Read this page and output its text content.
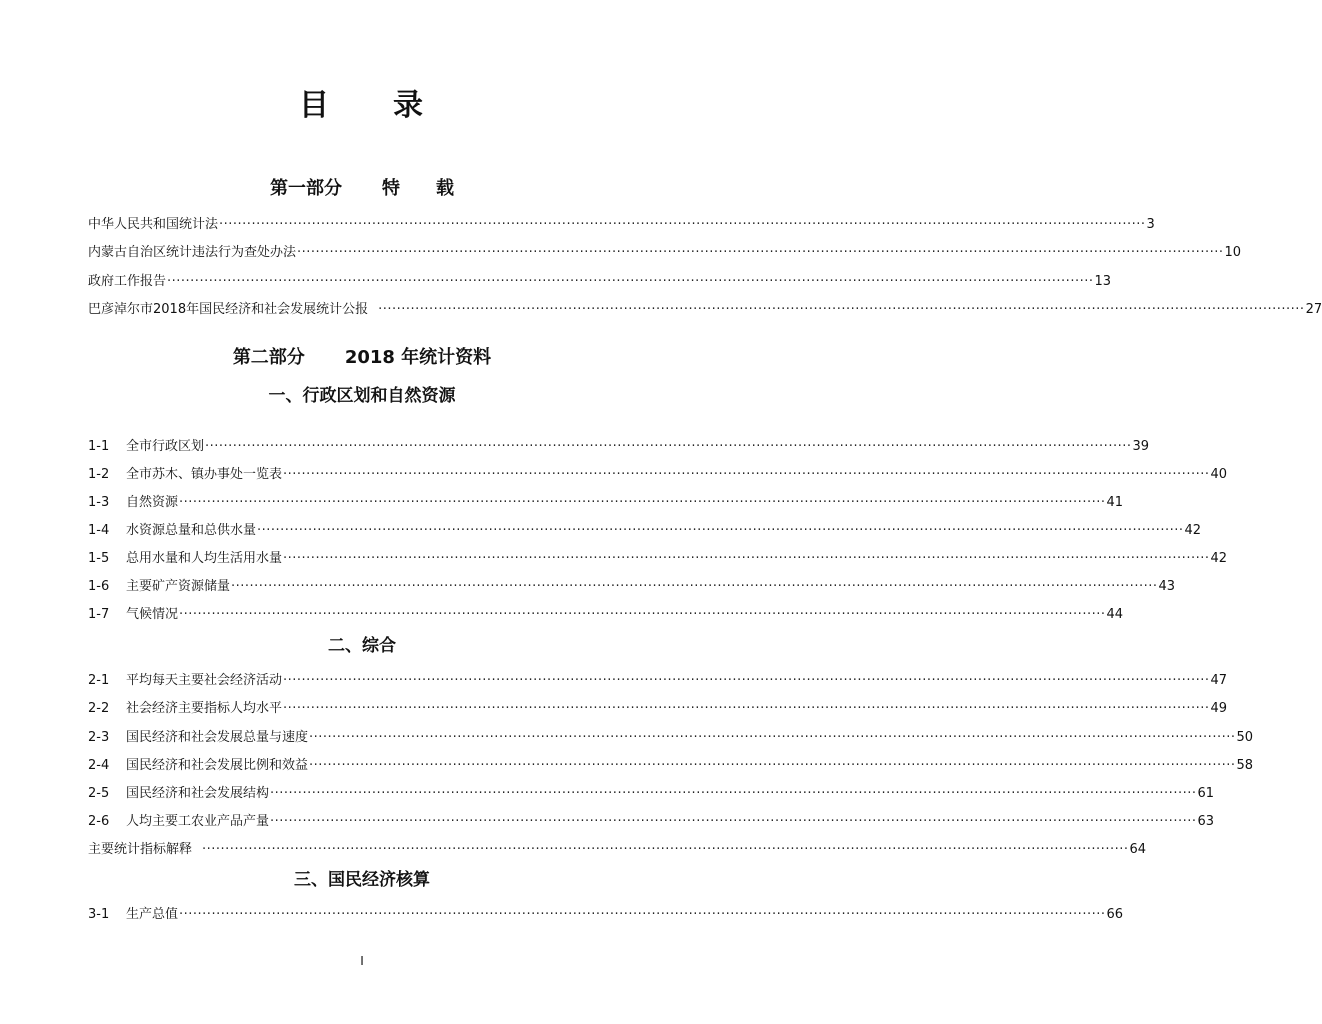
目 录
第一部分 特 载
中华人民共和国统计法 ········································································································································································································ 3
内蒙古自治区统计违法行为查处办法 ········································································································································································································ 10
政府工作报告 ········································································································································································································ 13
巴彦淖尔市2018年国民经济和社会发展统计公报 ········································································································································································································ 27
第二部分 2018 年统计资料
一、行政区划和自然资源
1-1	全市行政区划 ········································································································································································································ 39
1-2	全市苏木、镇办事处一览表 ········································································································································································································ 40
1-3	自然资源 ········································································································································································································ 41
1-4	水资源总量和总供水量 ········································································································································································································ 42
1-5	总用水量和人均生活用水量 ········································································································································································································ 42
1-6	主要矿产资源储量 ········································································································································································································ 43
1-7	气候情况 ········································································································································································································ 44
二、综合
2-1	平均每天主要社会经济活动 ········································································································································································································ 47
2-2	社会经济主要指标人均水平 ········································································································································································································ 49
2-3	国民经济和社会发展总量与速度 ········································································································································································································ 50
2-4	国民经济和社会发展比例和效益 ········································································································································································································ 58
2-5	国民经济和社会发展结构 ········································································································································································································ 61
2-6	人均主要工农业产品产量 ········································································································································································································ 63
主要统计指标解释 ········································································································································································································ 64
三、国民经济核算
3-1	生产总值 ········································································································································································································ 66
I
